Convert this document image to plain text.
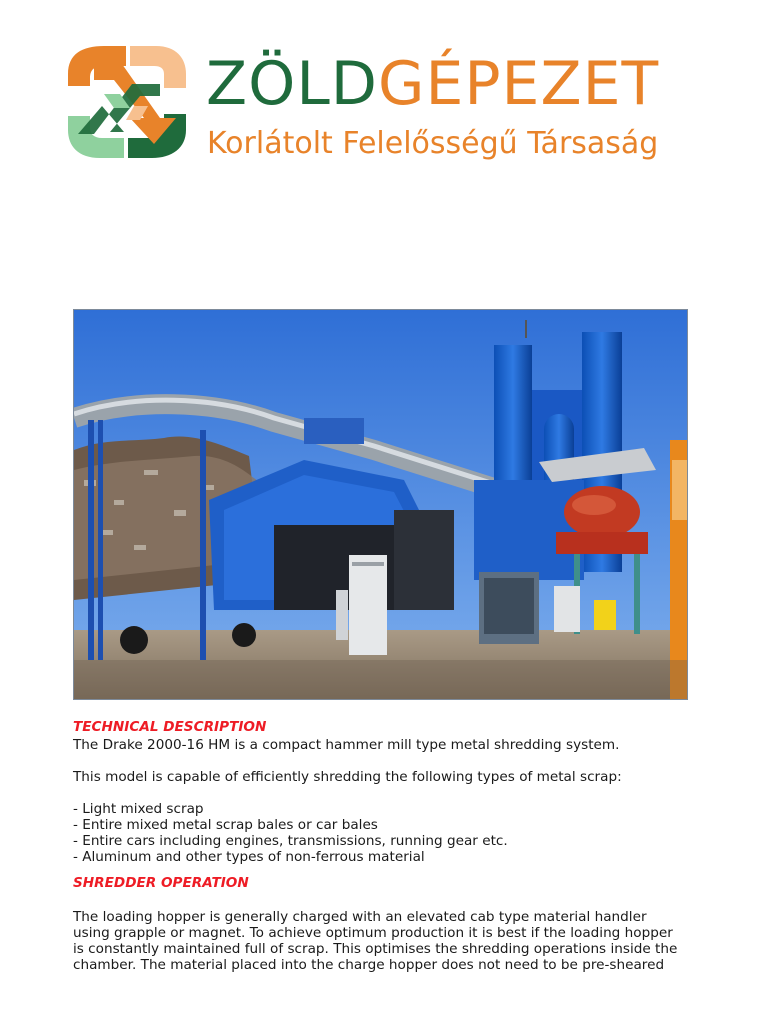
ZÖLDGÉPEZET
Korlátolt Felelősségű Társaság
TECHNICAL DESCRIPTION

The Drake 2000-16 HM is a compact hammer mill type metal shredding system.

This model is capable of efficiently shredding the following types of metal scrap:

- Light mixed scrap
- Entire mixed metal scrap bales or car bales
- Entire cars including engines, transmissions, running gear etc.
- Aluminum and other types of non-ferrous material
SHREDDER OPERATION

The loading hopper is generally charged with an elevated cab type material handler

using grapple or magnet. To achieve optimum production it is best if the loading hopper

is constantly maintained full of scrap. This optimises the shredding operations inside the

chamber. The material placed into the charge hopper does not need to be pre-sheared
